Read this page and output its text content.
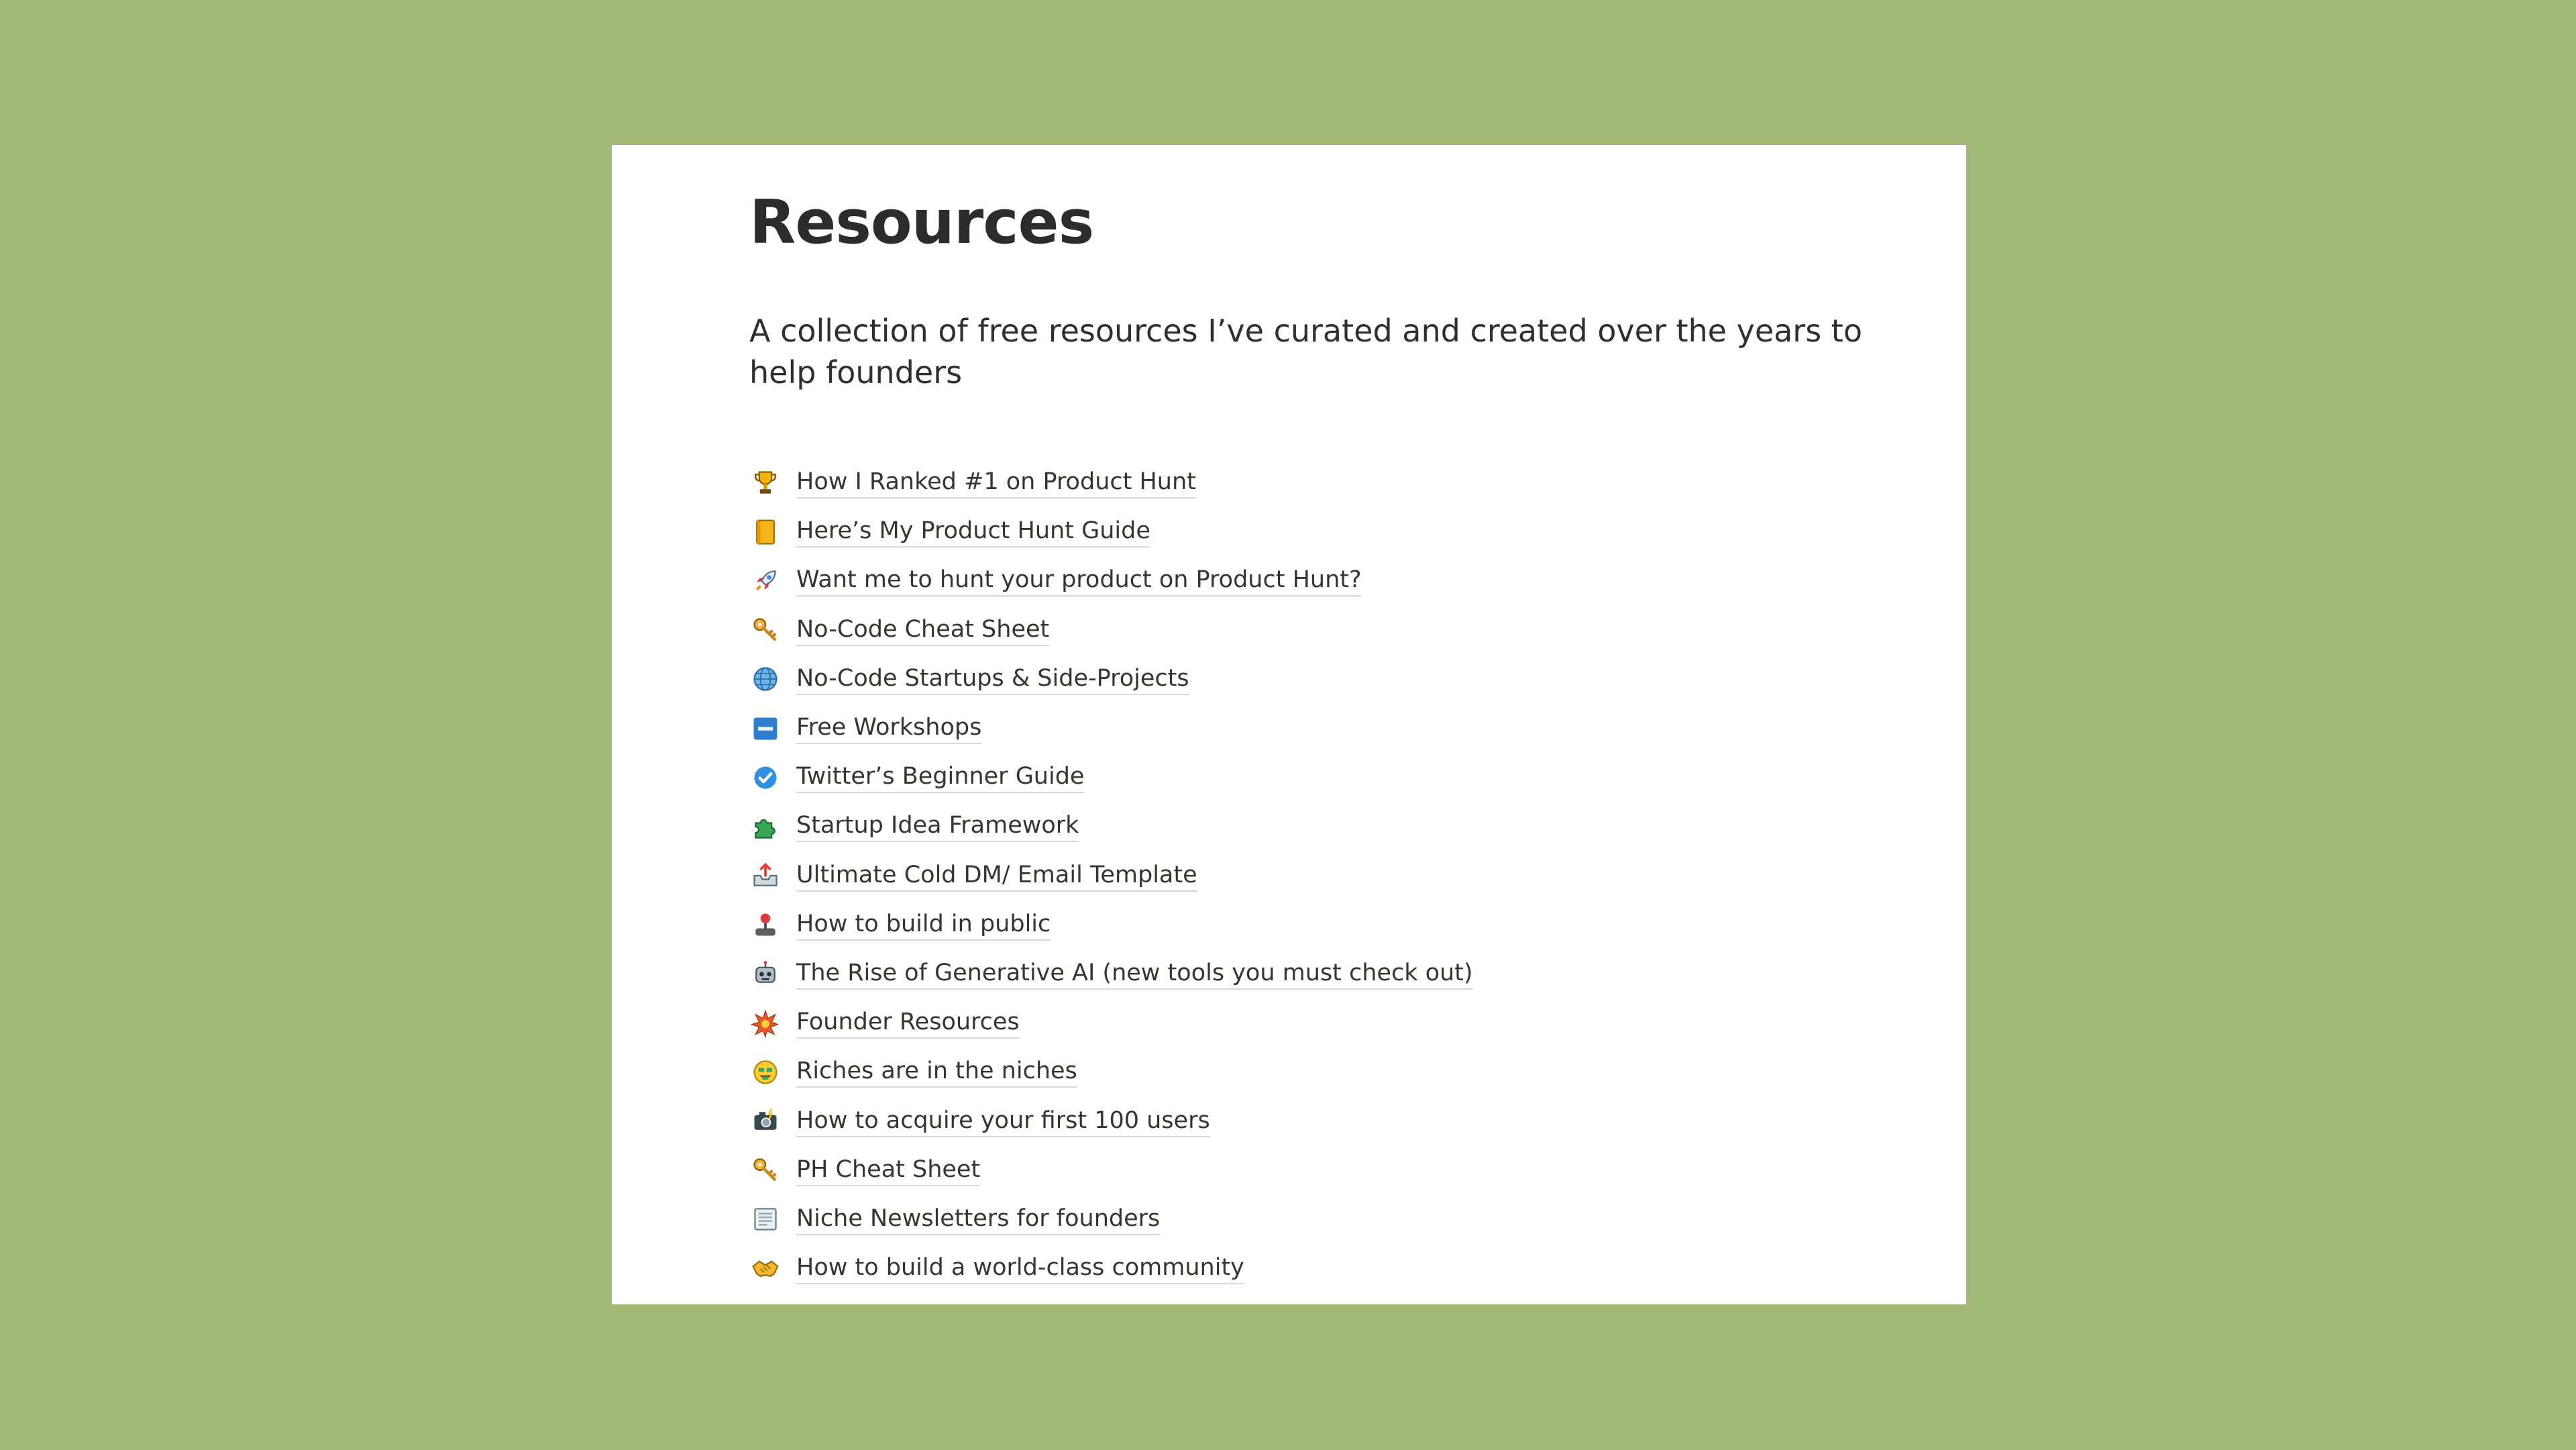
Resources

A collection of free resources I’ve curated and created over the years to help founders

How I Ranked #1 on Product Hunt
Here’s My Product Hunt Guide
Want me to hunt your product on Product Hunt?
No-Code Cheat Sheet
No-Code Startups & Side-Projects
Free Workshops
Twitter’s Beginner Guide
Startup Idea Framework
Ultimate Cold DM/ Email Template
How to build in public
The Rise of Generative AI (new tools you must check out)
Founder Resources
Riches are in the niches
How to acquire your first 100 users
PH Cheat Sheet
Niche Newsletters for founders
How to build a world-class community
